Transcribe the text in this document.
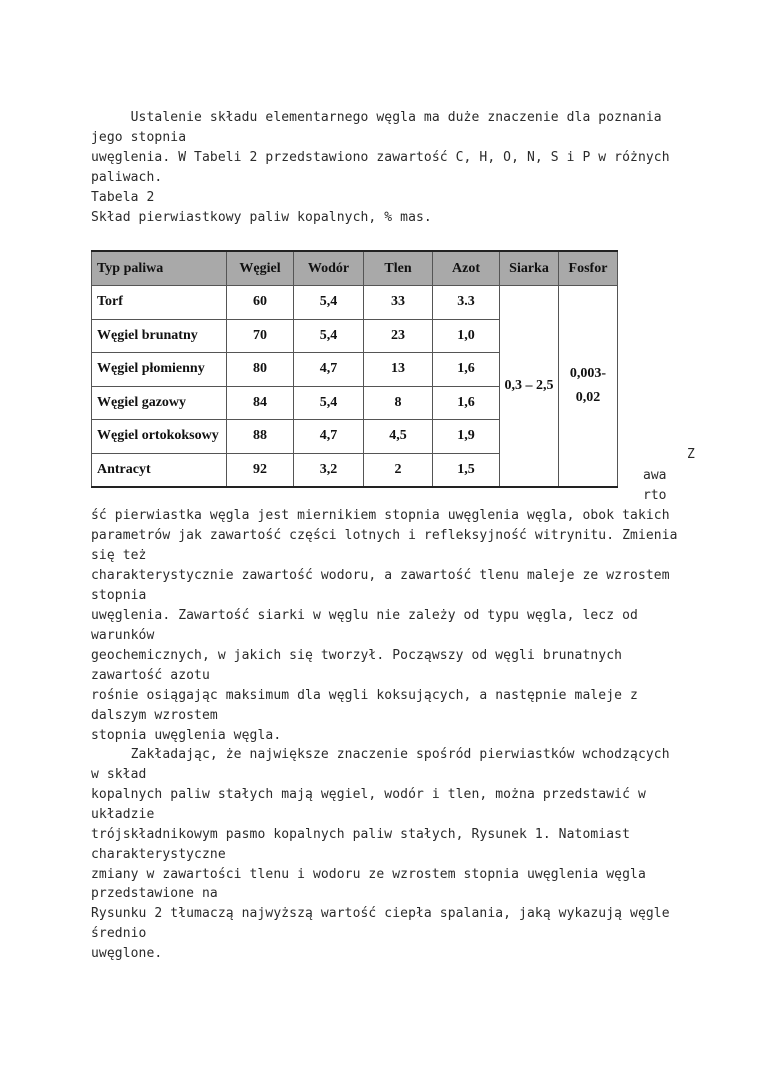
Ustalenie składu elementarnego węgla ma duże znaczenie dla poznania
jego stopnia
uwęglenia. W Tabeli 2 przedstawiono zawartość C, H, O, N, S i P w różnych
paliwach.
Tabela 2
Skład pierwiastkowy paliw kopalnych, % mas.
Typ paliwa	Węgiel	Wodór	Tlen	Azot	Siarka	Fosfor
Torf	60	5,4	33	3.3	0,3 – 2,5	0,003-
0,02

Węgiel brunatny	70	5,4	23	1,0		
Węgiel płomienny	80	4,7	13	1,6		
Węgiel gazowy	84	5,4	8	1,6		
Węgiel ortokoksowy	88	4,7	4,5	1,9		
Antracyt	92	3,2	2	1,5		
Z
awa
rto
ść pierwiastka węgla jest miernikiem stopnia uwęglenia węgla, obok takich
parametrów jak zawartość części lotnych i refleksyjność witrynitu. Zmienia
się też
charakterystycznie zawartość wodoru, a zawartość tlenu maleje ze wzrostem
stopnia
uwęglenia. Zawartość siarki w węglu nie zależy od typu węgla, lecz od
warunków
geochemicznych, w jakich się tworzył. Począwszy od węgli brunatnych
zawartość azotu
rośnie osiągając maksimum dla węgli koksujących, a następnie maleje z
dalszym wzrostem
stopnia uwęglenia węgla.
Zakładając, że największe znaczenie spośród pierwiastków wchodzących
w skład
kopalnych paliw stałych mają węgiel, wodór i tlen, można przedstawić w
układzie
trójskładnikowym pasmo kopalnych paliw stałych, Rysunek 1. Natomiast
charakterystyczne
zmiany w zawartości tlenu i wodoru ze wzrostem stopnia uwęglenia węgla
przedstawione na
Rysunku 2 tłumaczą najwyższą wartość ciepła spalania, jaką wykazują węgle
średnio
uwęglone.
